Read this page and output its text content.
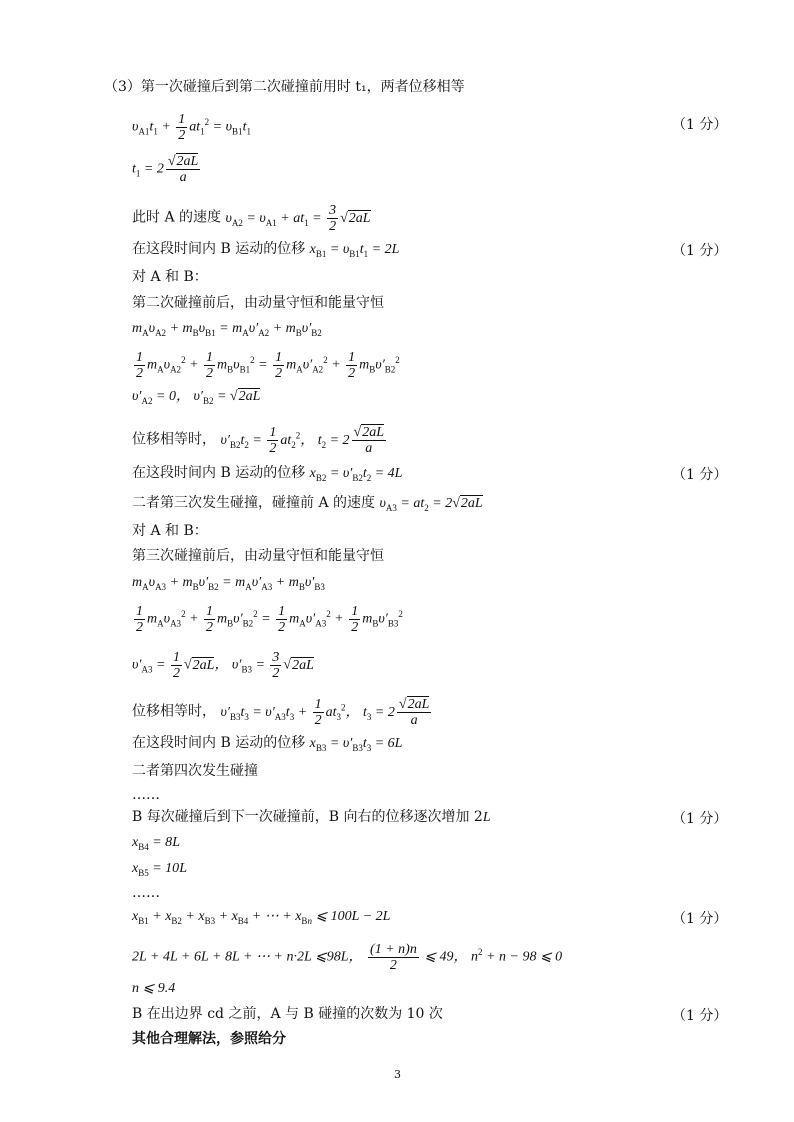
（3）第一次碰撞后到第二次碰撞前用时 t₁，两者位移相等
$\upsilon_{A1}t_1 + \frac{1}{2} at_1^2 = \upsilon_{B1}t_1$	（1 分）
$t_1 = 2 \frac{√2aL}{a}$
此时 A 的速度 $\upsilon_{A2} = \upsilon_{A1} + at_1 = \frac{3}{2} √2aL$
在这段时间内 B 运动的位移 $x_{B1} = \upsilon_{B1}t_1 = 2L$	（1 分）
对 A 和 B：
第二次碰撞前后，由动量守恒和能量守恒
$m_A\upsilon_{A2} + m_B\upsilon_{B1} = m_A\upsilon'_{A2} + m_B\upsilon'_{B2}$
$\frac{1}{2} m_A\upsilon_{A2}^2 + \frac{1}{2} m_B\upsilon_{B1}^2 = \frac{1}{2} m_A\upsilon'_{A2}^2 + \frac{1}{2} m_B\upsilon'_{B2}^2$
$\upsilon'_{A2} = 0$， $\upsilon'_{B2} = √2aL$
位移相等时， $\upsilon'_{B2}t_2 = \frac{1}{2} at_2^2$， $t_2 = 2 \frac{√2aL}{a}$
在这段时间内 B 运动的位移 $x_{B2} = \upsilon'_{B2}t_2 = 4L$	（1 分）
二者第三次发生碰撞，碰撞前 A 的速度 $\upsilon_{A3} = at_2 = 2√2aL$
对 A 和 B：
第三次碰撞前后，由动量守恒和能量守恒
$m_A\upsilon_{A3} + m_B\upsilon'_{B2} = m_A\upsilon'_{A3} + m_B\upsilon'_{B3}$
$\frac{1}{2} m_A\upsilon_{A3}^2 + \frac{1}{2} m_B\upsilon'_{B2}^2 = \frac{1}{2} m_A\upsilon'_{A3}^2 + \frac{1}{2} m_B\upsilon'_{B3}^2$
$\upsilon'_{A3} = \frac{1}{2} √2aL$， $\upsilon'_{B3} = \frac{3}{2} √2aL$
位移相等时， $\upsilon'_{B3}t_3 = \upsilon'_{A3}t_3 + \frac{1}{2} at_3^2$， $t_3 = 2 \frac{√2aL}{a}$
在这段时间内 B 运动的位移 $x_{B3} = \upsilon'_{B3}t_3 = 6L$
二者第四次发生碰撞
……
B 每次碰撞后到下一次碰撞前，B 向右的位移逐次增加 2L	（1 分）
$x_{B4} = 8L$
$x_{B5} = 10L$
……
$x_{B1} + x_{B2} + x_{B3} + x_{B4}$ + ⋯ + $x_{Bn}$ ⩽ 100L − 2L	（1 分）
2L + 4L + 6L + 8L + ⋯ + n·2L ⩽98L， $\frac{(1 + n)n}{2}$ ⩽ 49， $n^2 + n - 98$ ⩽ 0
n ⩽ 9.4
B 在出边界 cd 之前，A 与 B 碰撞的次数为 10 次	（1 分）
其他合理解法，参照给分
3
